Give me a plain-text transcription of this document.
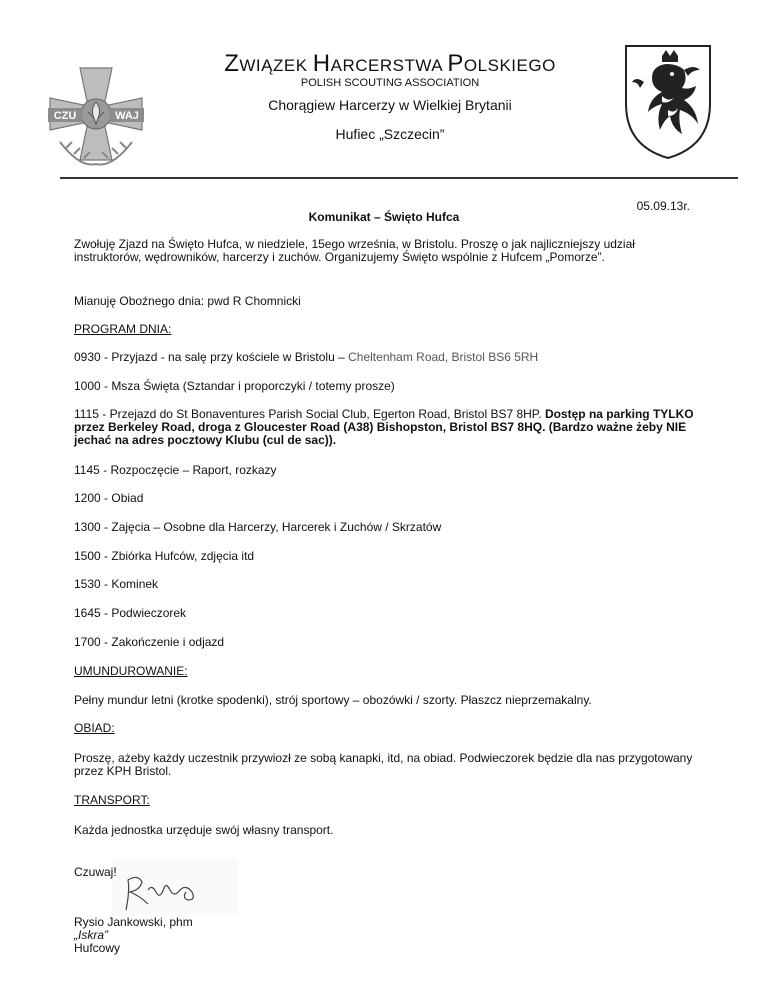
CZU	WAJ
ZWIĄZEK HARCERSTWA POLSKIEGO
POLISH SCOUTING ASSOCIATION
Chorągiew Harcerzy w Wielkiej Brytanii
Hufiec „Szczecin”
05.09.13r.
Komunikat – Święto Hufca

Zwołuję Zjazd na Święto Hufca, w niedziele, 15ego września, w Bristolu. Proszę o jak najliczniejszy udział instruktorów, wędrowników, harcerzy i zuchów. Organizujemy Święto wspólnie z Hufcem „Pomorze”.

Mianuję Oboźnego dnia: pwd R Chomnicki

PROGRAM DNIA:

0930 - Przyjazd - na salę przy kościele w Bristolu – Cheltenham Road, Bristol BS6 5RH

1000 - Msza Święta (Sztandar i proporczyki / totemy prosze)

1115 - Przejazd do St Bonaventures Parish Social Club, Egerton Road, Bristol BS7 8HP. Dostęp na parking TYLKO przez Berkeley Road, droga z Gloucester Road (A38) Bishopston, Bristol BS7 8HQ. (Bardzo ważne żeby NIE jechać na adres pocztowy Klubu (cul de sac)).

1145 - Rozpoczęcie – Raport, rozkazy

1200 - Obiad

1300 - Zajęcia – Osobne dla Harcerzy, Harcerek i Zuchów / Skrzatów

1500 - Zbiórka Hufców, zdjęcia itd

1530 - Kominek

1645 - Podwieczorek

1700 - Zakończenie i odjazd

UMUNDUROWANIE:

Pełny mundur letni (krotke spodenki), strój sportowy – obozówki / szorty. Płaszcz nieprzemakalny.

OBIAD:

Proszę, ażeby każdy uczestnik przywiozł ze sobą kanapki, itd, na obiad. Podwieczorek będzie dla nas przygotowany przez KPH Bristol.

TRANSPORT:

Każda jednostka urzęduje swój własny transport.

Czuwaj!

Rysio Jankowski, phm

„Iskra”

Hufcowy
